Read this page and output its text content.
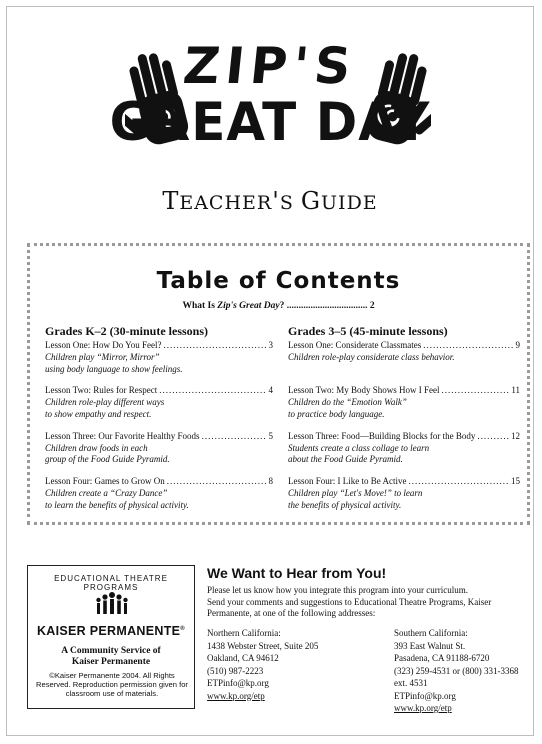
ZIP'S
GREAT DAY
TEACHER'S GUIDE
Table of Contents
What Is Zip's Great Day? .................................. 2
Grades K–2 (30-minute lessons)
Lesson One: How Do You Feel? .....	3
Children play “Mirror, Mirror”
using body language to show feelings.
Lesson Two: Rules for Respect .....	4
Children role-play different ways
to show empathy and respect.
Lesson Three: Our Favorite Healthy Foods .....	5
Children draw foods in each
group of the Food Guide Pyramid.
Lesson Four: Games to Grow On .....	8
Children create a “Crazy Dance”
to learn the benefits of physical activity.
Grades 3–5 (45-minute lessons)
Lesson One: Considerate Classmates .....	9
Children role-play considerate class behavior.
Lesson Two: My Body Shows How I Feel .....	11
Children do the “Emotion Walk”
to practice body language.
Lesson Three: Food—Building Blocks for the Body .....	12
Students create a class collage to learn
about the Food Guide Pyramid.
Lesson Four: I Like to Be Active .....	15
Children play “Let's Move!” to learn
the benefits of physical activity.
EDUCATIONAL THEATRE PROGRAMS
KAISER PERMANENTE®
A Community Service of
Kaiser Permanente
©Kaiser Permanente 2004. All Rights Reserved. Reproduction permission given for classroom use of materials.
We Want to Hear from You!
Please let us know how you integrate this program into your curriculum.
Send your comments and suggestions to Educational Theatre Programs, Kaiser Permanente, at one of the following addresses:
Northern California:
1438 Webster Street, Suite 205
Oakland, CA 94612
(510) 987-2223
ETPinfo@kp.org
www.kp.org/etp
Southern California:
393 East Walnut St.
Pasadena, CA 91188-6720
(323) 259-4531 or (800) 331-3368 ext. 4531
ETPinfo@kp.org
www.kp.org/etp
